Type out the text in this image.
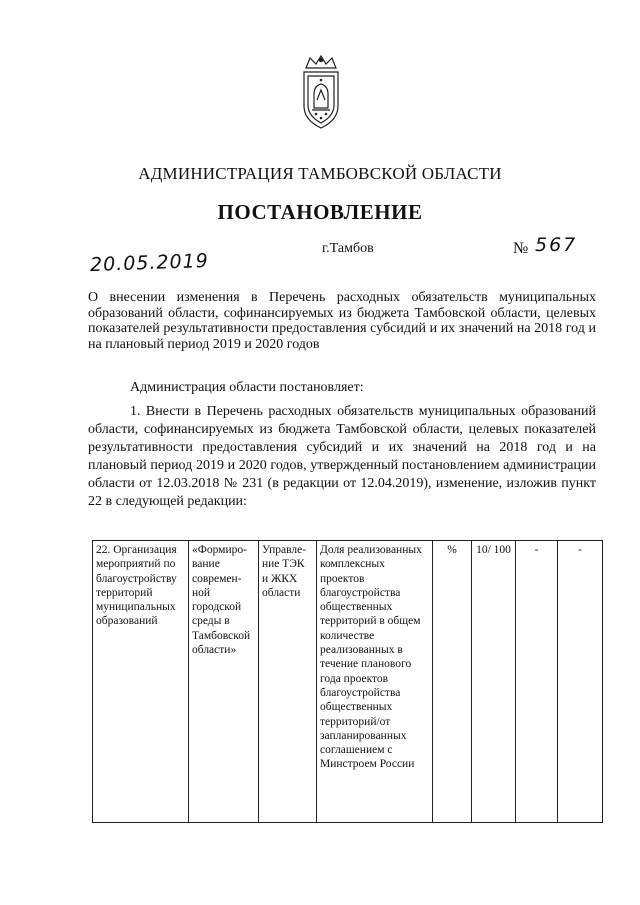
АДМИНИСТРАЦИЯ ТАМБОВСКОЙ ОБЛАСТИ
ПОСТАНОВЛЕНИЕ
г.Тамбов
20.05.2019
№ 567
О внесении изменения в Перечень расходных обязательств муниципальных образований области, софинансируемых из бюджета Тамбовской области, целевых показателей результативности предоставления субсидий и их значений на 2018 год и на плановый период 2019 и 2020 годов
Администрация области постановляет:
1. Внести в Перечень расходных обязательств муниципальных образований области, софинансируемых из бюджета Тамбовской области, целевых показателей результативности предоставления субсидий и их значений на 2018 год и на плановый период 2019 и 2020 годов, утвержденный постановлением администрации области от 12.03.2018 № 231 (в редакции от 12.04.2019), изменение, изложив пункт 22 в следующей редакции:
22. Организация мероприятий по благоустройству территорий муниципальных образований	«Формиро-вание современ-ной городской среды в Тамбовской области»	Управле-ние ТЭК и ЖКХ области	Доля реализованных комплексных проектов благоустройства общественных территорий в общем количестве реализованных в течение планового года проектов благоустройства общественных территорий/от запланированных соглашением с Минстроем России	%	10/ 100	-	-
